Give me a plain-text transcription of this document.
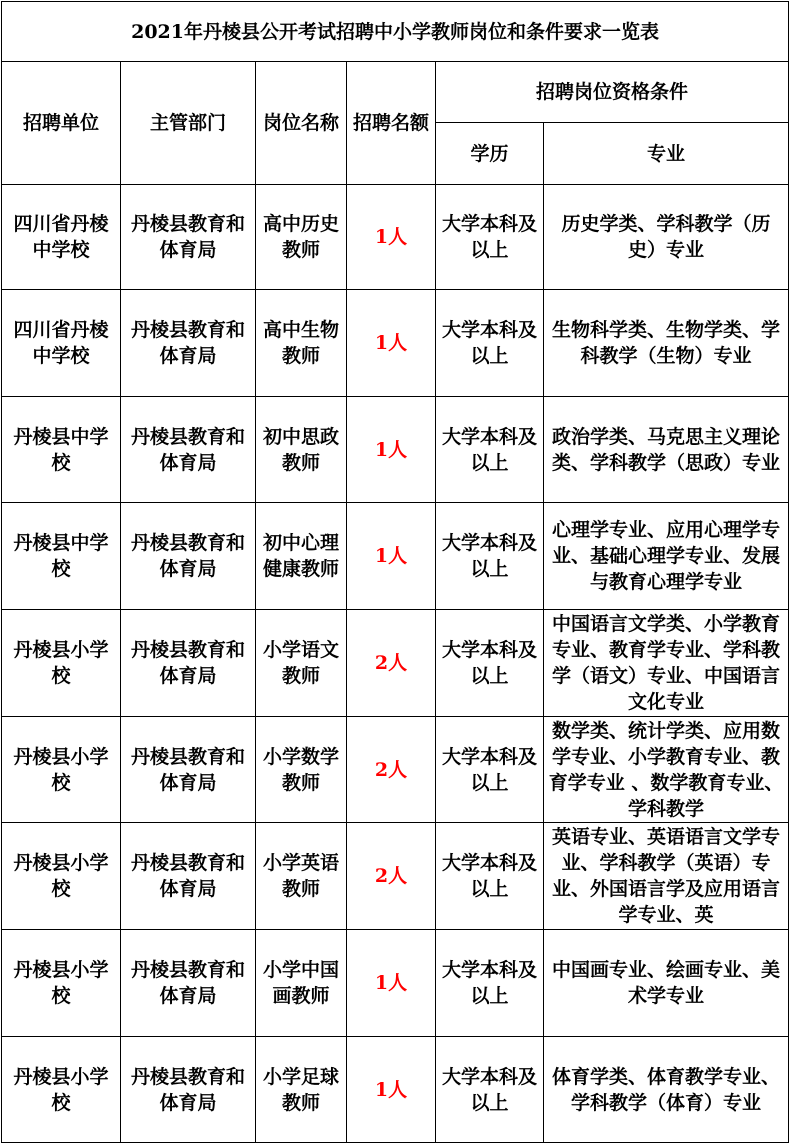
2021年丹棱县公开考试招聘中小学教师岗位和条件要求一览表					
招聘单位	主管部门	岗位名称	招聘名额	招聘岗位资格条件	
				学历	专业
四川省丹棱中学校	丹棱县教育和体育局	高中历史教师	1人	大学本科及以上	历史学类、学科教学（历史）专业

四川省丹棱中学校	丹棱县教育和体育局	高中生物教师	1人	大学本科及以上	生物科学类、生物学类、学科教学（生物）专业

丹棱县中学校	丹棱县教育和体育局	初中思政教师	1人	大学本科及以上	政治学类、马克思主义理论类、学科教学（思政）专业

丹棱县中学校	丹棱县教育和体育局	初中心理健康教师	1人	大学本科及以上	心理学专业、应用心理学专业、基础心理学专业、发展与教育心理学专业

丹棱县小学校	丹棱县教育和体育局	小学语文教师	2人	大学本科及以上	中国语言文学类、小学教育专业、教育学专业、学科教学（语文）专业、中国语言文化专业

丹棱县小学校	丹棱县教育和体育局	小学数学教师	2人	大学本科及以上	数学类、统计学类、应用数学专业、小学教育专业、教育学专业 、数学教育专业、学科教学

丹棱县小学校	丹棱县教育和体育局	小学英语教师	2人	大学本科及以上	英语专业、英语语言文学专业、学科教学（英语）专业、外国语言学及应用语言学专业、英

丹棱县小学校	丹棱县教育和体育局	小学中国画教师	1人	大学本科及以上	中国画专业、绘画专业、美术学专业

丹棱县小学校	丹棱县教育和体育局	小学足球教师	1人	大学本科及以上	体育学类、体育教学专业、学科教学（体育）专业
